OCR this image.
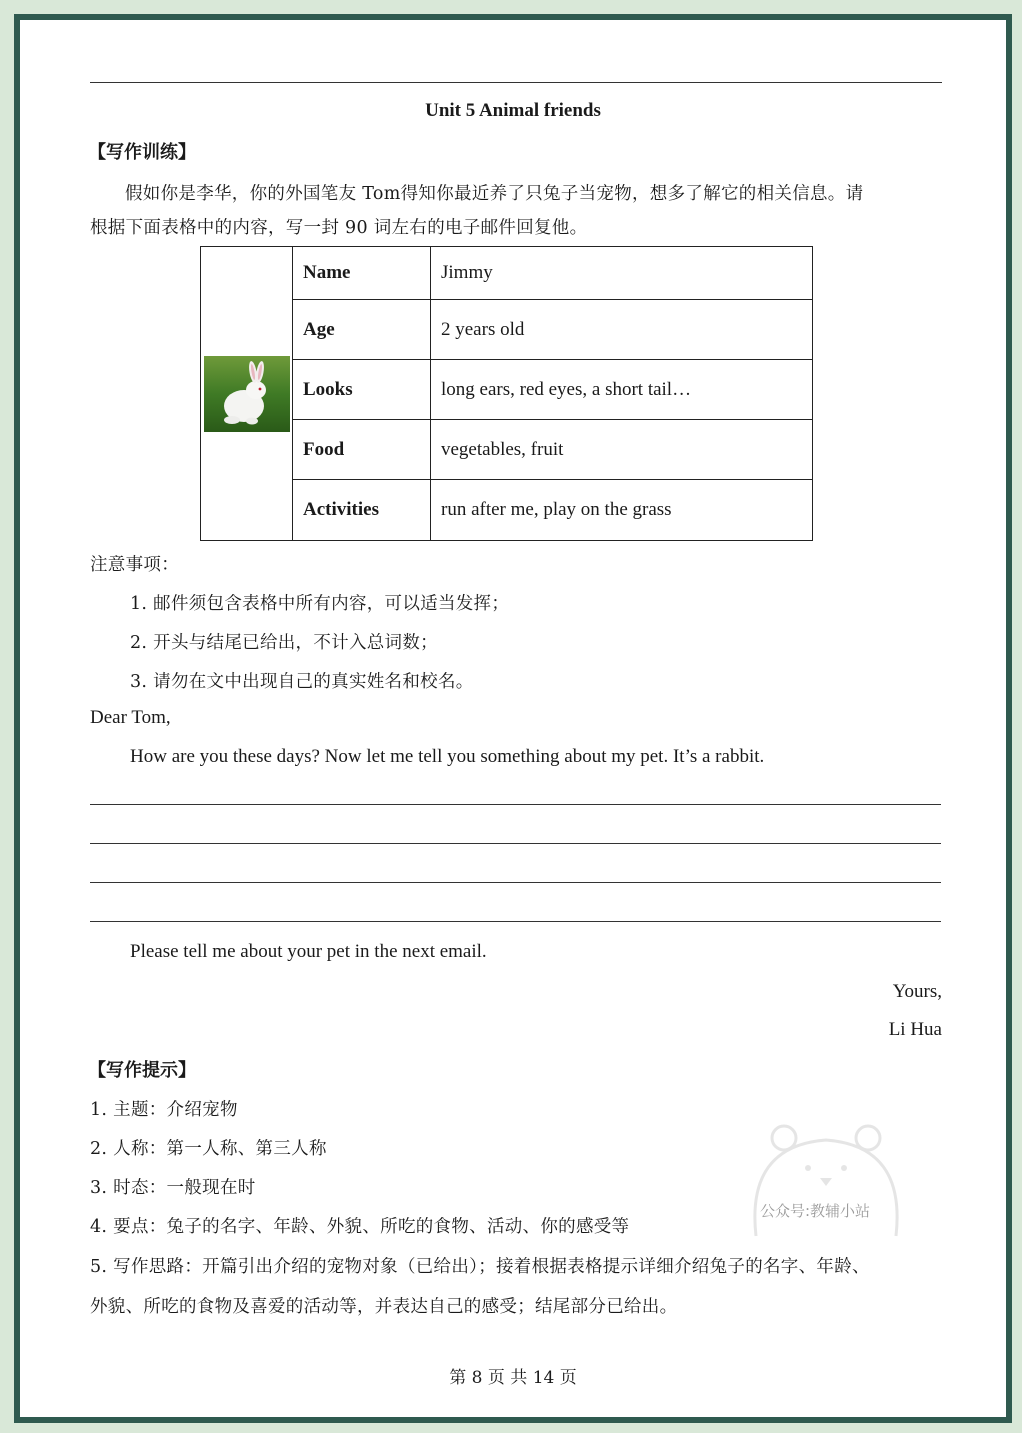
Unit 5 Animal friends
【写作训练】
假如你是李华，你的外国笔友 Tom得知你最近养了只兔子当宠物，想多了解它的相关信息。请
根据下面表格中的内容，写一封 90 词左右的电子邮件回复他。
	Name	Jimmy
	Age	2 years old
	Looks	long ears, red eyes, a short tail…
	Food	vegetables, fruit
	Activities	run after me, play on the grass
注意事项：
1. 邮件须包含表格中所有内容，可以适当发挥；
2. 开头与结尾已给出，不计入总词数；
3. 请勿在文中出现自己的真实姓名和校名。
Dear Tom,
How are you these days? Now let me tell you something about my pet. It’s a rabbit.
Please tell me about your pet in the next email.
Yours,
Li Hua
【写作提示】
1. 主题：介绍宠物
2. 人称：第一人称、第三人称
3. 时态：一般现在时
4. 要点：兔子的名字、年龄、外貌、所吃的食物、活动、你的感受等
5. 写作思路：开篇引出介绍的宠物对象（已给出）；接着根据表格提示详细介绍兔子的名字、年龄、
外貌、所吃的食物及喜爱的活动等，并表达自己的感受；结尾部分已给出。
公众号:教辅小站
第 8 页 共 14 页
